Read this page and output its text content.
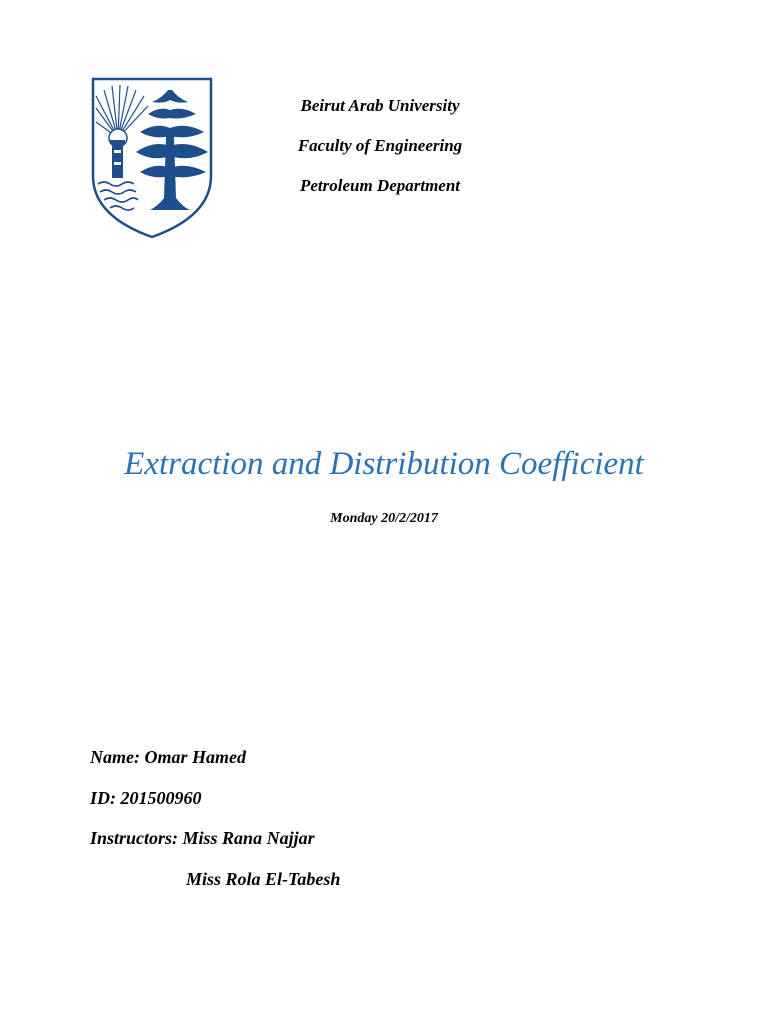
Beirut Arab University
Faculty of Engineering
Petroleum Department
Extraction and Distribution Coefficient
Monday 20/2/2017
Name: Omar Hamed
ID: 201500960
Instructors: Miss Rana Najjar
Miss Rola El-Tabesh
